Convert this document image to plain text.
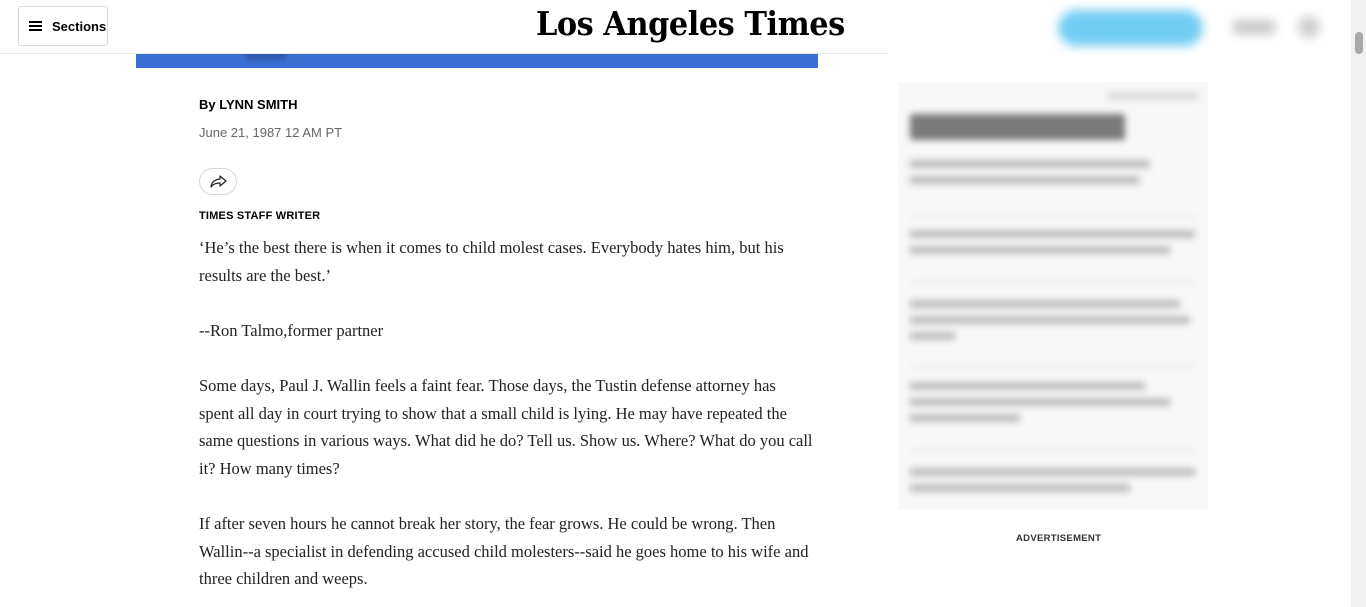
Sections	Los Angeles Times
By LYNN SMITH
June 21, 1987 12 AM PT
TIMES STAFF WRITER

‘He’s the best there is when it comes to child molest cases. Everybody hates him, but his results are the best.’

--Ron Talmo,former partner

Some days, Paul J. Wallin feels a faint fear. Those days, the Tustin defense attorney has spent all day in court trying to show that a small child is lying. He may have repeated the same questions in various ways. What did he do? Tell us. Show us. Where? What do you call it? How many times?

If after seven hours he cannot break her story, the fear grows. He could be wrong. Then Wallin--a specialist in defending accused child molesters--said he goes home to his wife and three children and weeps.

ADVERTISEMENT
